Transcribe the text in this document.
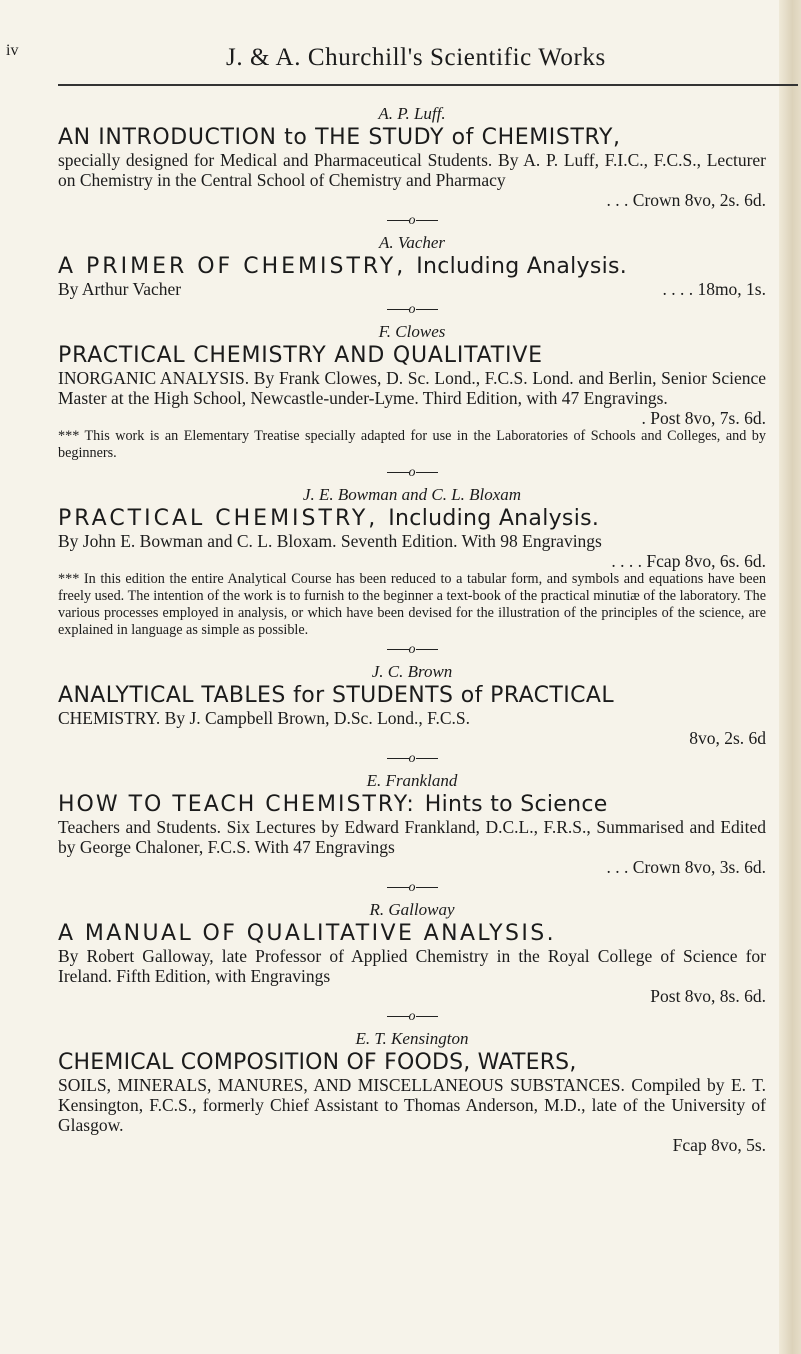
iv	J. & A. Churchill's Scientific Works

A. P. Luff.

AN INTRODUCTION to THE STUDY of CHEMISTRY,

specially designed for Medical and Pharmaceutical Students. By A. P. Luff, F.I.C., F.C.S., Lecturer on Chemistry in the Central School of Chemistry and Pharmacy

. . . Crown 8vo, 2s. 6d.
o

A. Vacher

A PRIMER OF CHEMISTRY, Including Analysis.

By Arthur Vacher	. . . . 18mo, 1s.
o

F. Clowes

PRACTICAL CHEMISTRY AND QUALITATIVE

INORGANIC ANALYSIS. By Frank Clowes, D. Sc. Lond., F.C.S. Lond. and Berlin, Senior Science Master at the High School, Newcastle-under-Lyme. Third Edition, with 47 Engravings.

. Post 8vo, 7s. 6d.

*** This work is an Elementary Treatise specially adapted for use in the Laboratories of Schools and Colleges, and by beginners.

o

J. E. Bowman and C. L. Bloxam

PRACTICAL CHEMISTRY, Including Analysis.

By John E. Bowman and C. L. Bloxam. Seventh Edition. With 98 Engravings

. . . . Fcap 8vo, 6s. 6d.

*** In this edition the entire Analytical Course has been reduced to a tabular form, and symbols and equations have been freely used. The intention of the work is to furnish to the beginner a text-book of the practical minutiæ of the laboratory. The various processes employed in analysis, or which have been devised for the illustration of the principles of the science, are explained in language as simple as possible.

o

J. C. Brown

ANALYTICAL TABLES for STUDENTS of PRACTICAL

CHEMISTRY. By J. Campbell Brown, D.Sc. Lond., F.C.S.

8vo, 2s. 6d
o

E. Frankland

HOW TO TEACH CHEMISTRY: Hints to Science

Teachers and Students. Six Lectures by Edward Frankland, D.C.L., F.R.S., Summarised and Edited by George Chaloner, F.C.S. With 47 Engravings

. . . Crown 8vo, 3s. 6d.
o

R. Galloway

A MANUAL OF QUALITATIVE ANALYSIS.

By Robert Galloway, late Professor of Applied Chemistry in the Royal College of Science for Ireland. Fifth Edition, with Engravings

Post 8vo, 8s. 6d.
o

E. T. Kensington

CHEMICAL COMPOSITION OF FOODS, WATERS,

SOILS, MINERALS, MANURES, AND MISCELLANEOUS SUBSTANCES. Compiled by E. T. Kensington, F.C.S., formerly Chief Assistant to Thomas Anderson, M.D., late of the University of Glasgow.

Fcap 8vo, 5s.
